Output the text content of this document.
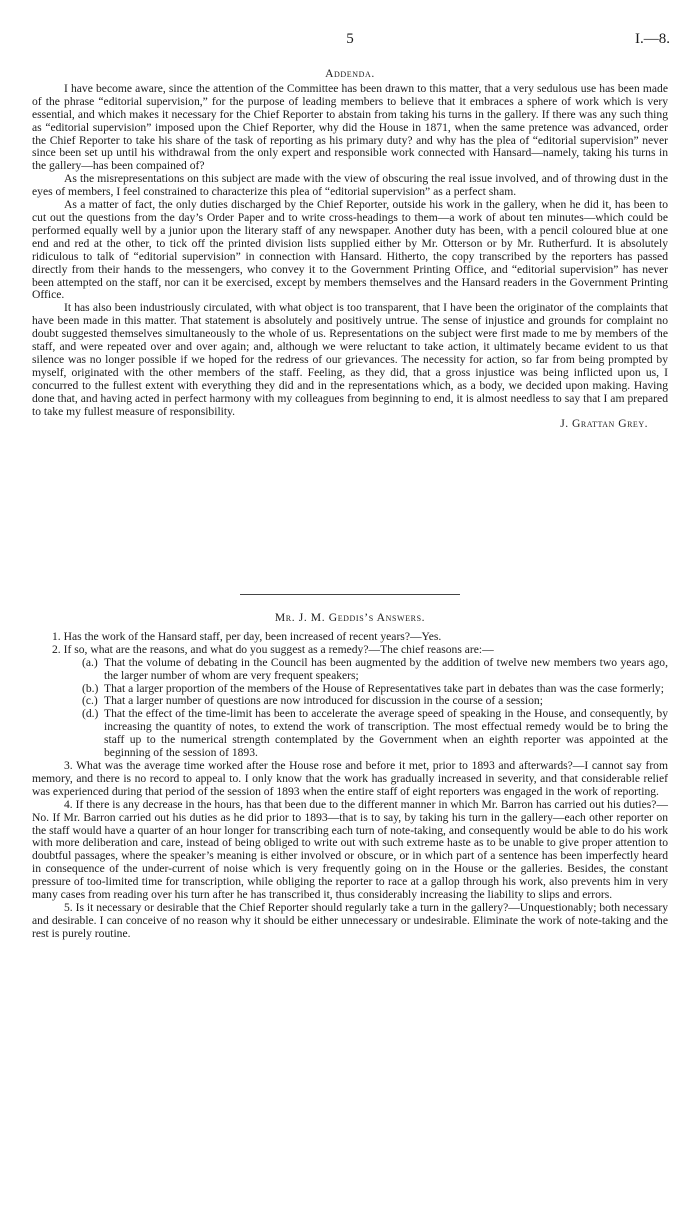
5	I.—8.
Addenda.

I have become aware, since the attention of the Committee has been drawn to this matter, that a very sedulous use has been made of the phrase “editorial supervision,” for the purpose of leading members to believe that it embraces a sphere of work which is very essential, and which makes it necessary for the Chief Reporter to abstain from taking his turns in the gallery. If there was any such thing as “editorial supervision” imposed upon the Chief Reporter, why did the House in 1871, when the same pretence was advanced, order the Chief Reporter to take his share of the task of reporting as his primary duty? and why has the plea of “editorial supervision” never since been set up until his withdrawal from the only expert and responsible work connected with Hansard—namely, taking his turns in the gallery—has been compained of?

As the misrepresentations on this subject are made with the view of obscuring the real issue involved, and of throwing dust in the eyes of members, I feel constrained to characterize this plea of “editorial supervision” as a perfect sham.

As a matter of fact, the only duties discharged by the Chief Reporter, outside his work in the gallery, when he did it, has been to cut out the questions from the day’s Order Paper and to write cross-headings to them—a work of about ten minutes—which could be performed equally well by a junior upon the literary staff of any newspaper. Another duty has been, with a pencil coloured blue at one end and red at the other, to tick off the printed division lists supplied either by Mr. Otterson or by Mr. Rutherfurd. It is absolutely ridiculous to talk of “editorial supervision” in connection with Hansard. Hitherto, the copy transcribed by the reporters has passed directly from their hands to the messengers, who convey it to the Government Printing Office, and “editorial supervision” has never been attempted on the staff, nor can it be exercised, except by members themselves and the Hansard readers in the Government Printing Office.

It has also been industriously circulated, with what object is too transparent, that I have been the originator of the complaints that have been made in this matter. That statement is absolutely and positively untrue. The sense of injustice and grounds for complaint no doubt suggested themselves simultaneously to the whole of us. Representations on the subject were first made to me by members of the staff, and were repeated over and over again; and, although we were reluctant to take action, it ultimately became evident to us that silence was no longer possible if we hoped for the redress of our grievances. The necessity for action, so far from being prompted by myself, originated with the other members of the staff. Feeling, as they did, that a gross injustice was being inflicted upon us, I concurred to the fullest extent with everything they did and in the representations which, as a body, we decided upon making. Having done that, and having acted in perfect harmony with my colleagues from beginning to end, it is almost needless to say that I am prepared to take my fullest measure of responsibility.

J. Grattan Grey.
Mr. J. M. Geddis’s Answers.
1. Has the work of the Hansard staff, per day, been increased of recent years?—Yes.
2. If so, what are the reasons, and what do you suggest as a remedy?—The chief reasons are:—
(a.) That the volume of debating in the Council has been augmented by the addition of twelve new members two years ago, the larger number of whom are very frequent speakers;
(b.) That a larger proportion of the members of the House of Representatives take part in debates than was the case formerly;
(c.) That a larger number of questions are now introduced for discussion in the course of a session;
(d.) That the effect of the time-limit has been to accelerate the average speed of speaking in the House, and consequently, by increasing the quantity of notes, to extend the work of transcription. The most effectual remedy would be to bring the staff up to the numerical strength contemplated by the Government when an eighth reporter was appointed at the beginning of the session of 1893.

3. What was the average time worked after the House rose and before it met, prior to 1893 and afterwards?—I cannot say from memory, and there is no record to appeal to. I only know that the work has gradually increased in severity, and that considerable relief was experienced during that period of the session of 1893 when the entire staff of eight reporters was engaged in the work of reporting.

4. If there is any decrease in the hours, has that been due to the different manner in which Mr. Barron has carried out his duties?—No. If Mr. Barron carried out his duties as he did prior to 1893—that is to say, by taking his turn in the gallery—each other reporter on the staff would have a quarter of an hour longer for transcribing each turn of note-taking, and consequently would be able to do his work with more deliberation and care, instead of being obliged to write out with such extreme haste as to be unable to give proper attention to doubtful passages, where the speaker’s meaning is either involved or obscure, or in which part of a sentence has been imperfectly heard in consequence of the under-current of noise which is very frequently going on in the House or the galleries. Besides, the constant pressure of too-limited time for transcription, while obliging the reporter to race at a gallop through his work, also prevents him in very many cases from reading over his turn after he has transcribed it, thus considerably increasing the liability to slips and errors.

5. Is it necessary or desirable that the Chief Reporter should regularly take a turn in the gallery?—Unquestionably; both necessary and desirable. I can conceive of no reason why it should be either unnecessary or undesirable. Eliminate the work of note-taking and the rest is purely routine.
